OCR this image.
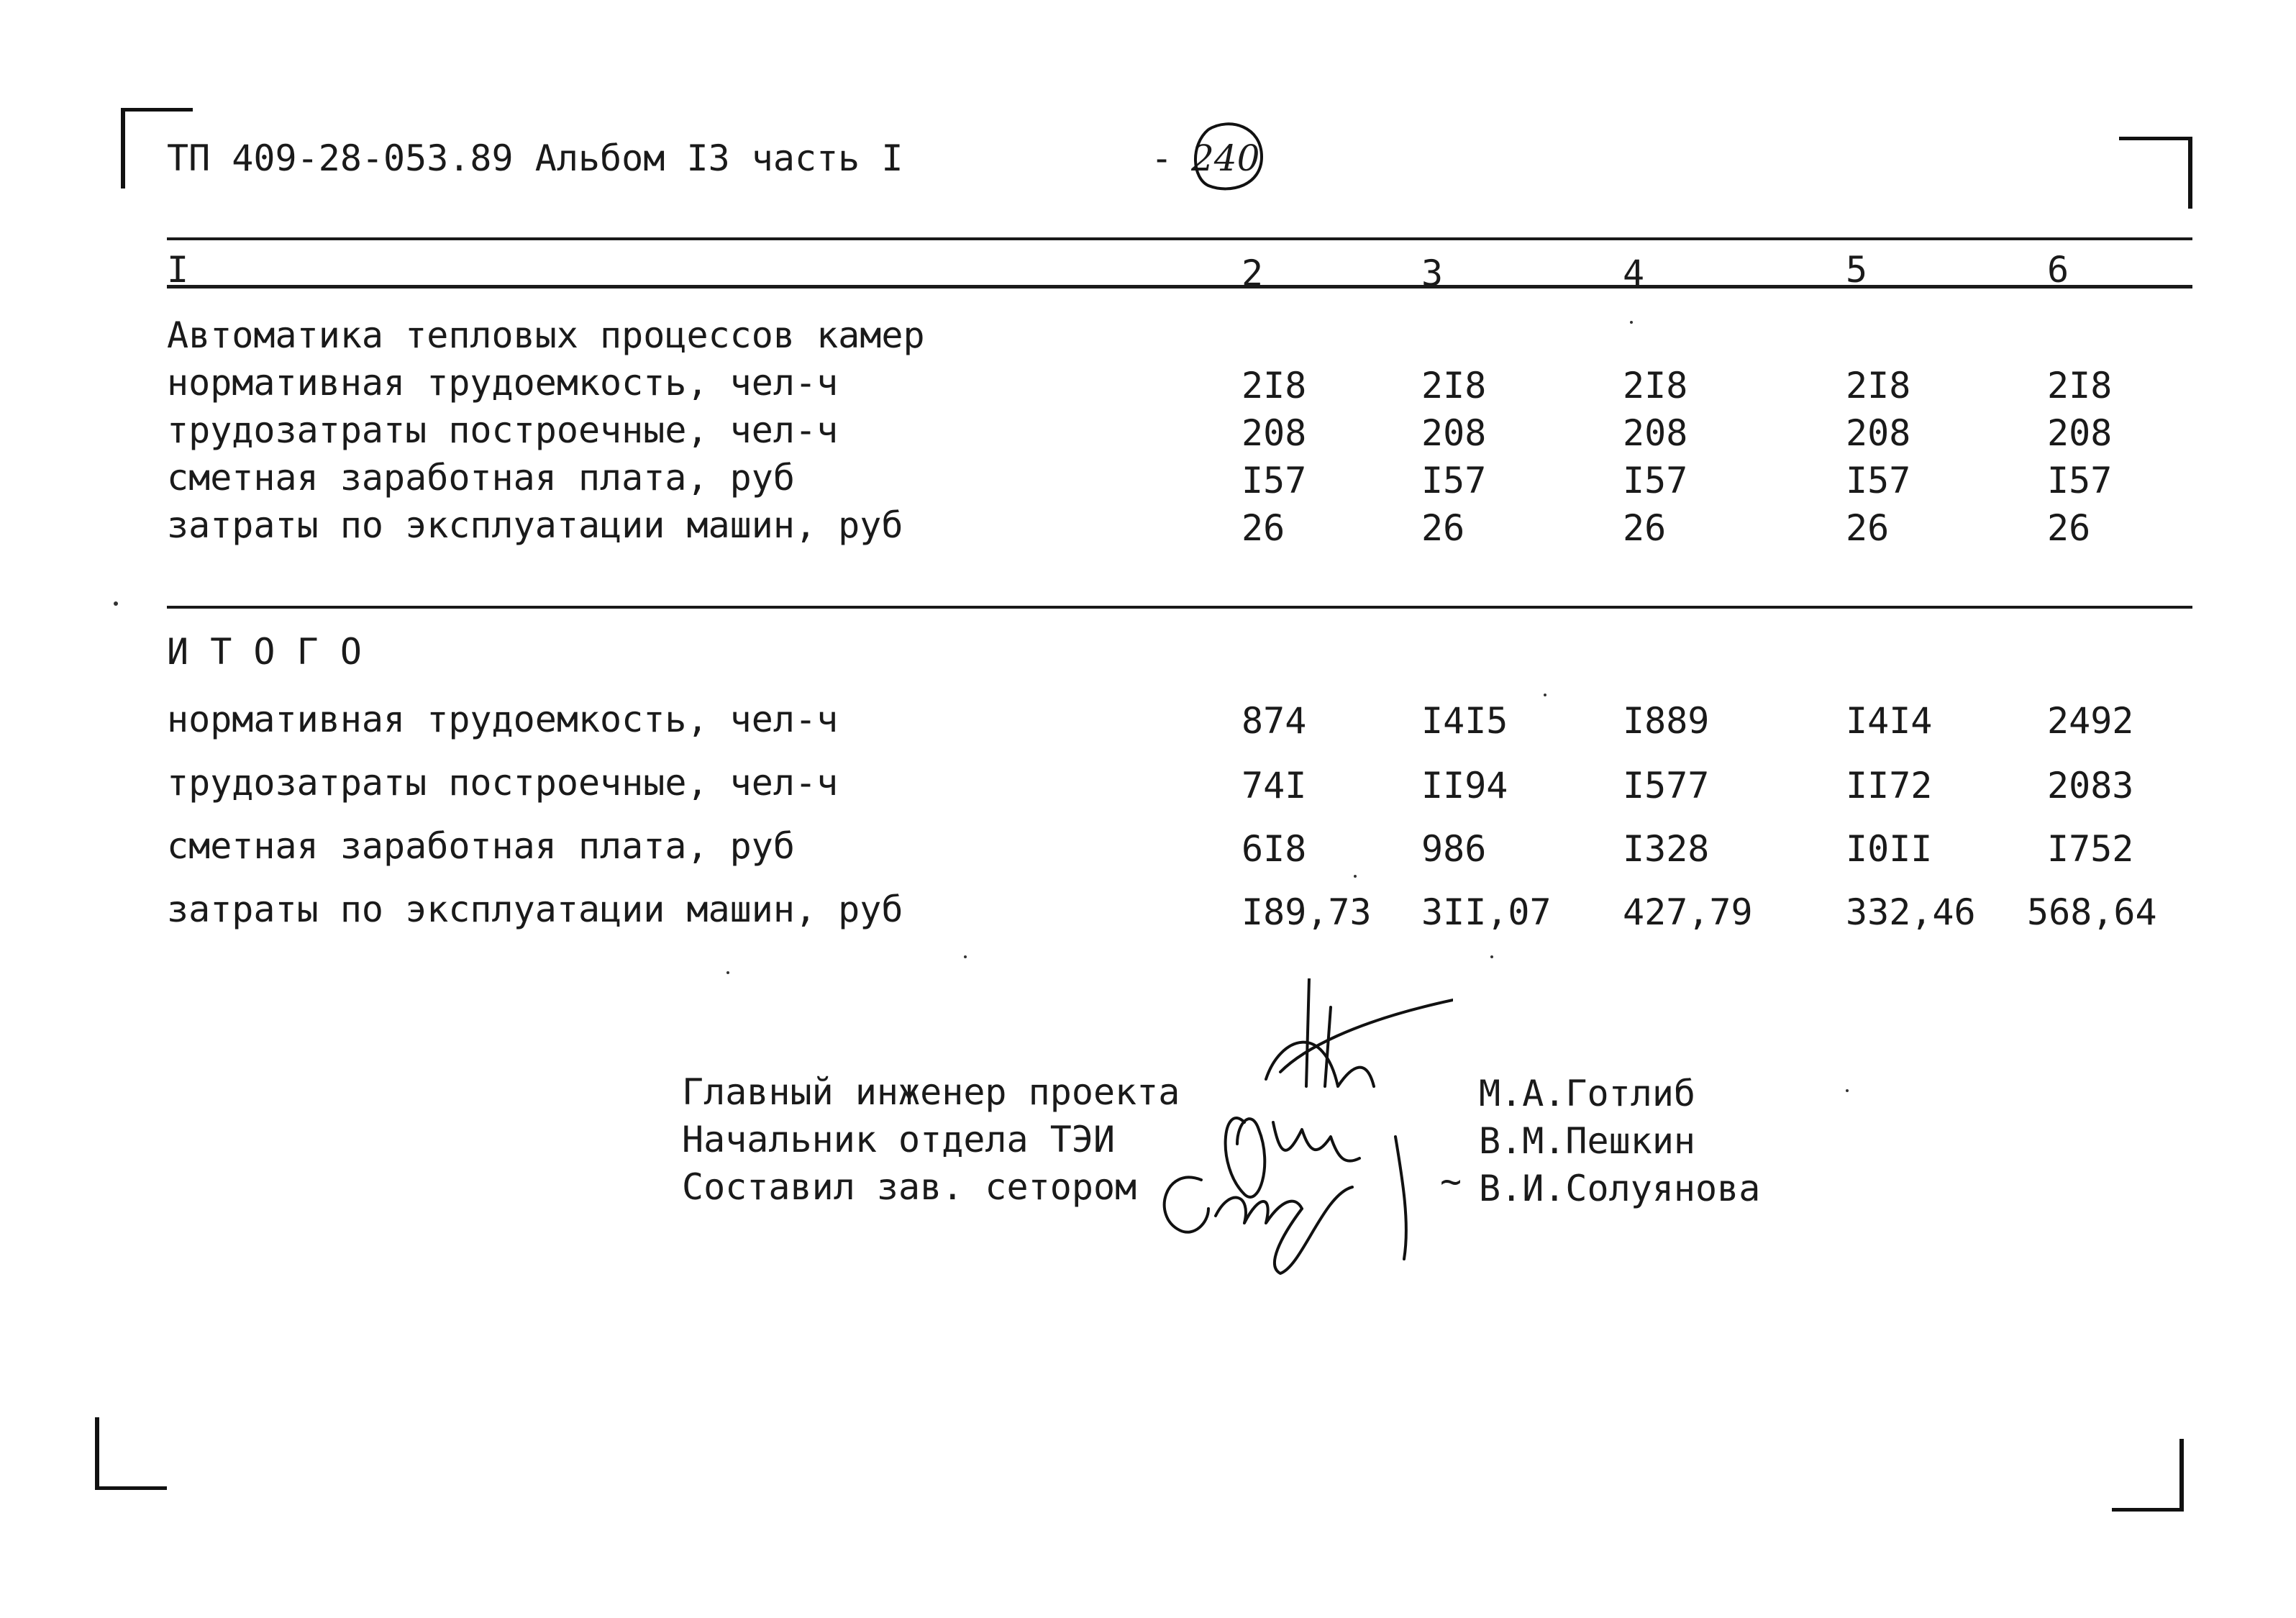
ТП 409-28-053.89 Альбом I3 часть I	- 240
I	2	3	4	5	6
Автоматика тепловых процессов камер
нормативная трудоемкость, чел-ч	2I8	2I8	2I8	2I8	2I8
трудозатраты построечные, чел-ч	208	208	208	208	208
сметная заработная плата, руб	I57	I57	I57	I57	I57
затраты по эксплуатации машин, руб	26	26	26	26	26
И Т О Г О
нормативная трудоемкость, чел-ч	874	I4I5	I889	I4I4	2492
трудозатраты построечные, чел-ч	74I	II94	I577	II72	2083
сметная заработная плата, руб	6I8	986	I328	I0II	I752
затраты по эксплуатации машин, руб	I89,73 3II,07 427,79	332,46 568,64
Главный инженер проекта
Начальник отдела ТЭИ
Составил зав. сетором
М.А.Готлиб
В.М.Пешкин
~ В.И.Солуянова
